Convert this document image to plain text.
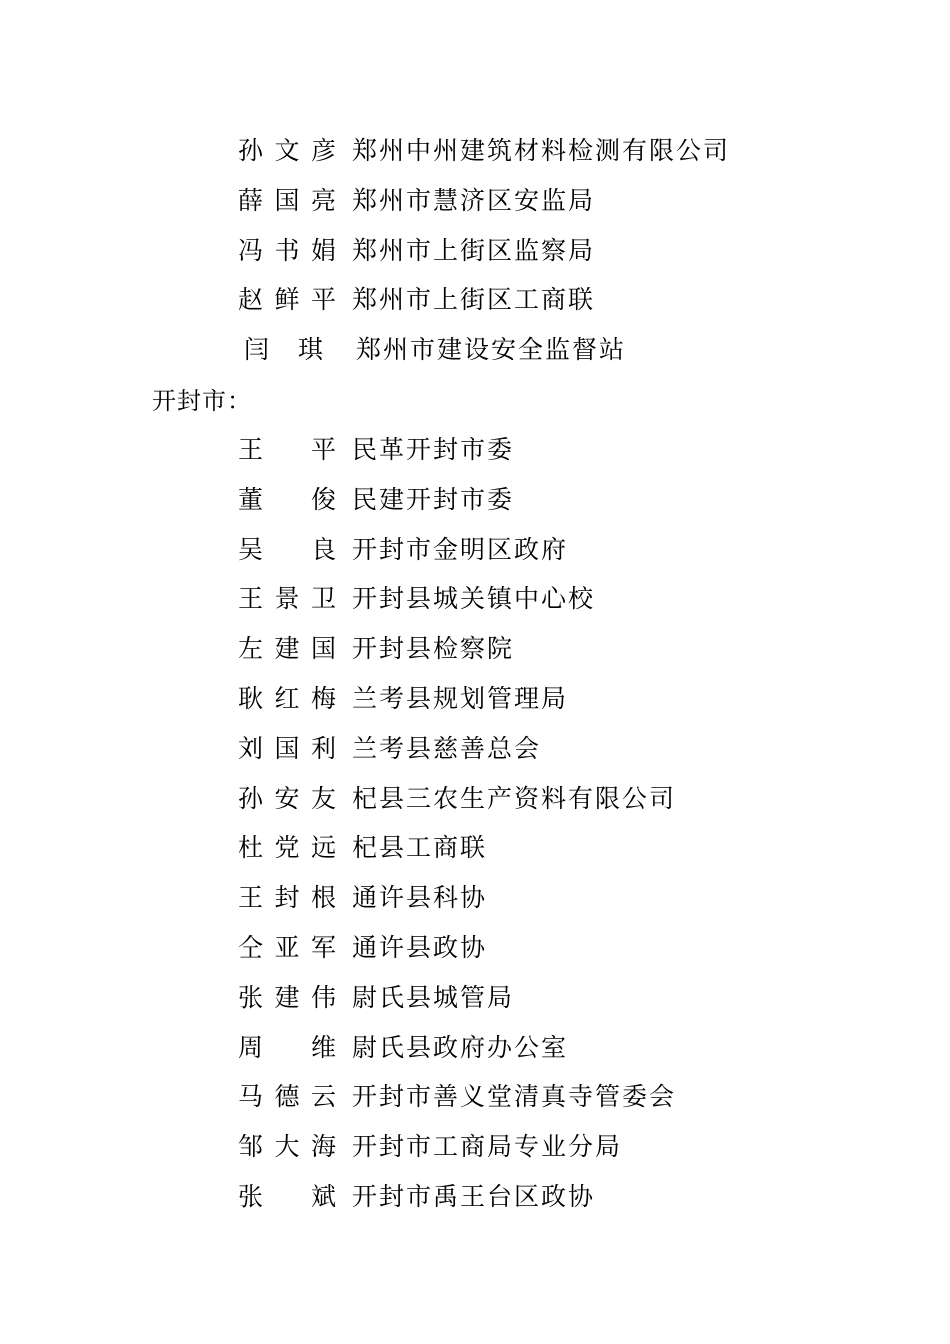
孙 文 彦 郑州中州建筑材料检测有限公司
薛 国 亮 郑州市慧济区安监局
冯 书 娟 郑州市上街区监察局
赵 鲜 平 郑州市上街区工商联
闫
　 琪 郑州市建设安全监督站
开封市：
王
　 平 民革开封市委
董
　 俊 民建开封市委
吴
　 良 开封市金明区政府
王 景 卫 开封县城关镇中心校
左 建 国 开封县检察院
耿 红 梅 兰考县规划管理局
刘 国 利 兰考县慈善总会
孙 安 友 杞县三农生产资料有限公司
杜 党 远 杞县工商联
王 封 根 通许县科协
仝 亚 军 通许县政协
张 建 伟 尉氏县城管局
周
　 维 尉氏县政府办公室
马 德 云 开封市善义堂清真寺管委会
邹 大 海 开封市工商局专业分局
张
　 斌 开封市禹王台区政协
